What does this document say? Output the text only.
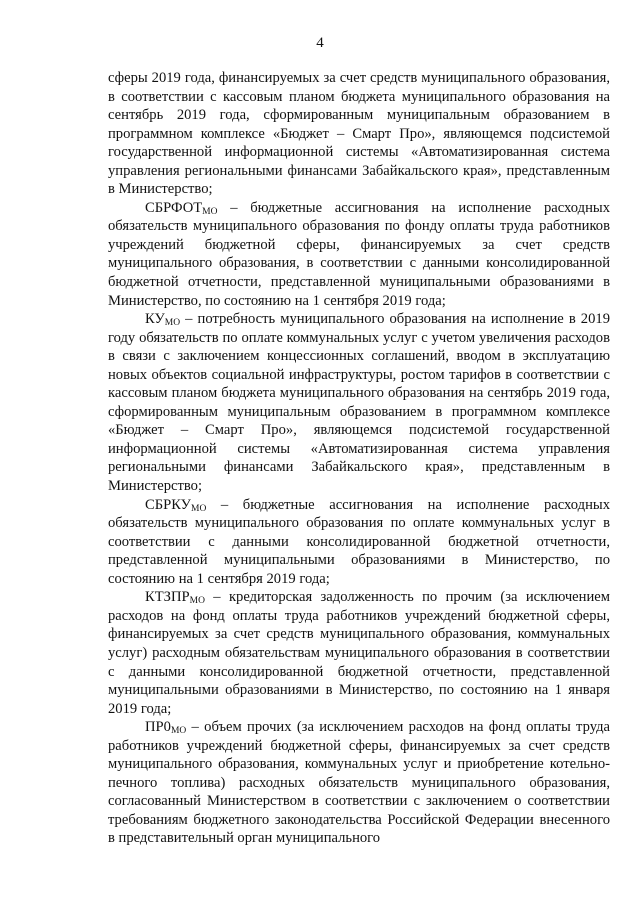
4

сферы 2019 года, финансируемых за счет средств муниципального образования, в соответствии с кассовым планом бюджета муниципального образования на сентябрь 2019 года, сформированным муниципальным образованием в программном комплексе «Бюджет – Смарт Про», являющемся подсистемой государственной информационной системы «Автоматизированная система управления региональными финансами Забайкальского края», представленным в Министерство;

$СБРФОТ_{МО}$ – бюджетные ассигнования на исполнение расходных обязательств муниципального образования по фонду оплаты труда работников учреждений бюджетной сферы, финансируемых за счет средств муниципального образования, в соответствии с данными консолидированной бюджетной отчетности, представленной муниципальными образованиями в Министерство, по состоянию на 1 сентября 2019 года;

$КУ_{МО}$ – потребность муниципального образования на исполнение в 2019 году обязательств по оплате коммунальных услуг с учетом увеличения расходов в связи с заключением концессионных соглашений, вводом в эксплуатацию новых объектов социальной инфраструктуры, ростом тарифов в соответствии с кассовым планом бюджета муниципального образования на сентябрь 2019 года, сформированным муниципальным образованием в программном комплексе «Бюджет – Смарт Про», являющемся подсистемой государственной информационной системы «Автоматизированная система управления региональными финансами Забайкальского края», представленным в Министерство;

$СБРКУ_{МО}$ – бюджетные ассигнования на исполнение расходных обязательств муниципального образования по оплате коммунальных услуг в соответствии с данными консолидированной бюджетной отчетности, представленной муниципальными образованиями в Министерство, по состоянию на 1 сентября 2019 года;

$КТЗПР_{МО}$ – кредиторская задолженность по прочим (за исключением расходов на фонд оплаты труда работников учреждений бюджетной сферы, финансируемых за счет средств муниципального образования, коммунальных услуг) расходным обязательствам муниципального образования в соответствии с данными консолидированной бюджетной отчетности, представленной муниципальными образованиями в Министерство, по состоянию на 1 января 2019 года;

$ПР0_{МО}$ – объем прочих (за исключением расходов на фонд оплаты труда работников учреждений бюджетной сферы, финансируемых за счет средств муниципального образования, коммунальных услуг и приобретение котельно-печного топлива) расходных обязательств муниципального образования, согласованный Министерством в соответствии с заключением о соответствии требованиям бюджетного законодательства Российской Федерации внесенного в представительный орган муниципального
